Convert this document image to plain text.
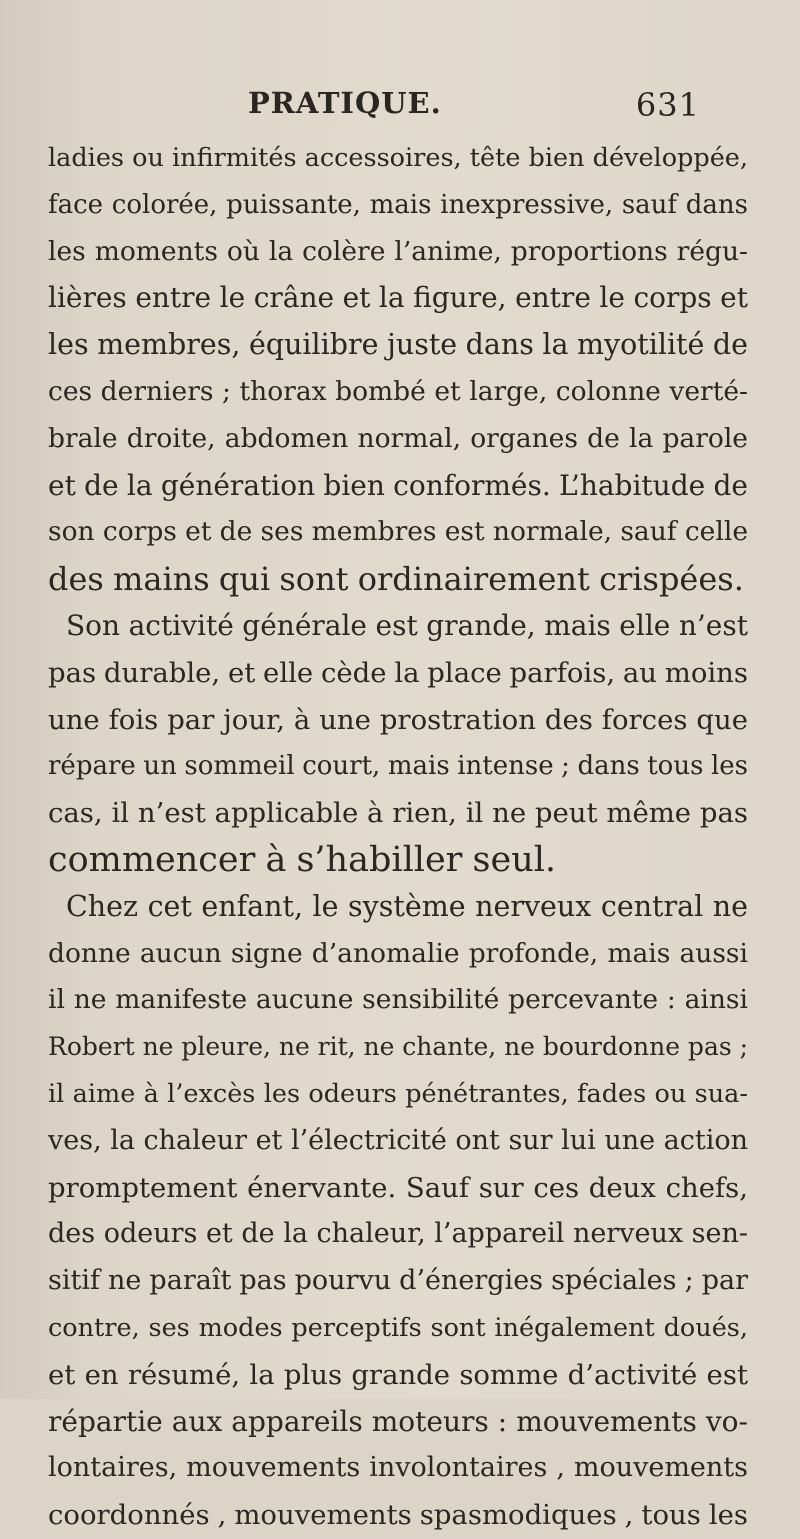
PRATIQUE.	631
ladies ou infirmités accessoires, tête bien développée,
face colorée, puissante, mais inexpressive, sauf dans
les moments où la colère l’anime, proportions régu-
lières entre le crâne et la figure, entre le corps et
les membres, équilibre juste dans la myotilité de
ces derniers ; thorax bombé et large, colonne verté-
brale droite, abdomen normal, organes de la parole
et de la génération bien conformés. L’habitude de
son corps et de ses membres est normale, sauf celle
des mains qui sont ordinairement crispées.
Son activité générale est grande, mais elle n’est
pas durable, et elle cède la place parfois, au moins
une fois par jour, à une prostration des forces que
répare un sommeil court, mais intense ; dans tous les
cas, il n’est applicable à rien, il ne peut même pas
commencer à s’habiller seul.
Chez cet enfant, le système nerveux central ne
donne aucun signe d’anomalie profonde, mais aussi
il ne manifeste aucune sensibilité percevante : ainsi
Robert ne pleure, ne rit, ne chante, ne bourdonne pas ;
il aime à l’excès les odeurs pénétrantes, fades ou sua-
ves, la chaleur et l’électricité ont sur lui une action
promptement énervante. Sauf sur ces deux chefs,
des odeurs et de la chaleur, l’appareil nerveux sen-
sitif ne paraît pas pourvu d’énergies spéciales ; par
contre, ses modes perceptifs sont inégalement doués,
et en résumé, la plus grande somme d’activité est
répartie aux appareils moteurs : mouvements vo-
lontaires, mouvements involontaires , mouvements
coordonnés , mouvements spasmodiques , tous les
